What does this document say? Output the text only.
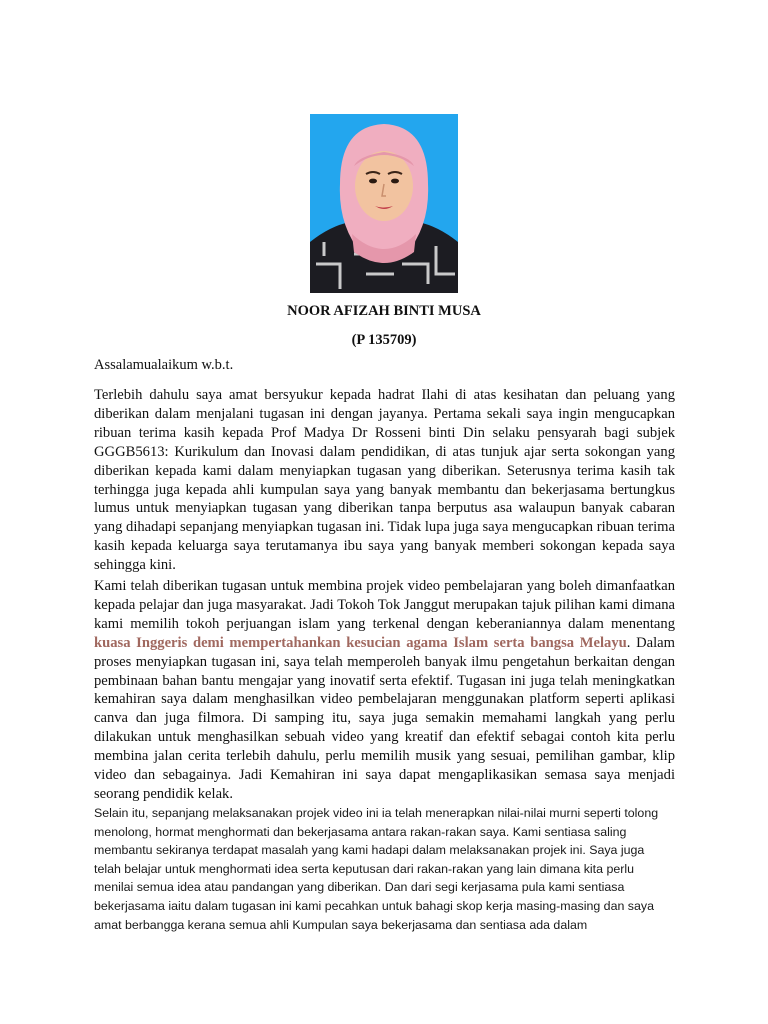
NOOR AFIZAH BINTI MUSA
(P 135709)
Assalamualaikum w.b.t.

Terlebih dahulu saya amat bersyukur kepada hadrat Ilahi di atas kesihatan dan peluang yang diberikan dalam menjalani tugasan ini dengan jayanya. Pertama sekali saya ingin mengucapkan ribuan terima kasih kepada Prof Madya Dr Rosseni binti Din selaku pensyarah bagi subjek GGGB5613: Kurikulum dan Inovasi dalam pendidikan, di atas tunjuk ajar serta sokongan yang diberikan kepada kami dalam menyiapkan tugasan yang diberikan. Seterusnya terima kasih tak terhingga juga kepada ahli kumpulan saya yang banyak membantu dan bekerjasama bertungkus lumus untuk menyiapkan tugasan yang diberikan tanpa berputus asa walaupun banyak cabaran yang dihadapi sepanjang menyiapkan tugasan ini. Tidak lupa juga saya mengucapkan ribuan terima kasih kepada keluarga saya terutamanya ibu saya yang banyak memberi sokongan kepada saya sehingga kini.

Kami telah diberikan tugasan untuk membina projek video pembelajaran yang boleh dimanfaatkan kepada pelajar dan juga masyarakat. Jadi Tokoh Tok Janggut merupakan tajuk pilihan kami dimana kami memilih tokoh perjuangan islam yang terkenal dengan keberaniannya dalam menentang kuasa Inggeris demi mempertahankan kesucian agama Islam serta bangsa Melayu. Dalam proses menyiapkan tugasan ini, saya telah memperoleh banyak ilmu pengetahun berkaitan dengan pembinaan bahan bantu mengajar yang inovatif serta efektif. Tugasan ini juga telah meningkatkan kemahiran saya dalam menghasilkan video pembelajaran menggunakan platform seperti aplikasi canva dan juga filmora. Di samping itu, saya juga semakin memahami langkah yang perlu dilakukan untuk menghasilkan sebuah video yang kreatif dan efektif sebagai contoh kita perlu membina jalan cerita terlebih dahulu, perlu memilih musik yang sesuai, pemilihan gambar, klip video dan sebagainya. Jadi Kemahiran ini saya dapat mengaplikasikan semasa saya menjadi seorang pendidik kelak.

Selain itu, sepanjang melaksanakan projek video ini ia telah menerapkan nilai-nilai murni seperti tolong menolong, hormat menghormati dan bekerjasama antara rakan-rakan saya. Kami sentiasa saling membantu sekiranya terdapat masalah yang kami hadapi dalam melaksanakan projek ini. Saya juga telah belajar untuk menghormati idea serta keputusan dari rakan-rakan yang lain dimana kita perlu menilai semua idea atau pandangan yang diberikan. Dan dari segi kerjasama pula kami sentiasa bekerjasama iaitu dalam tugasan ini kami pecahkan untuk bahagi skop kerja masing-masing dan saya amat berbangga kerana semua ahli Kumpulan saya bekerjasama dan sentiasa ada dalam
